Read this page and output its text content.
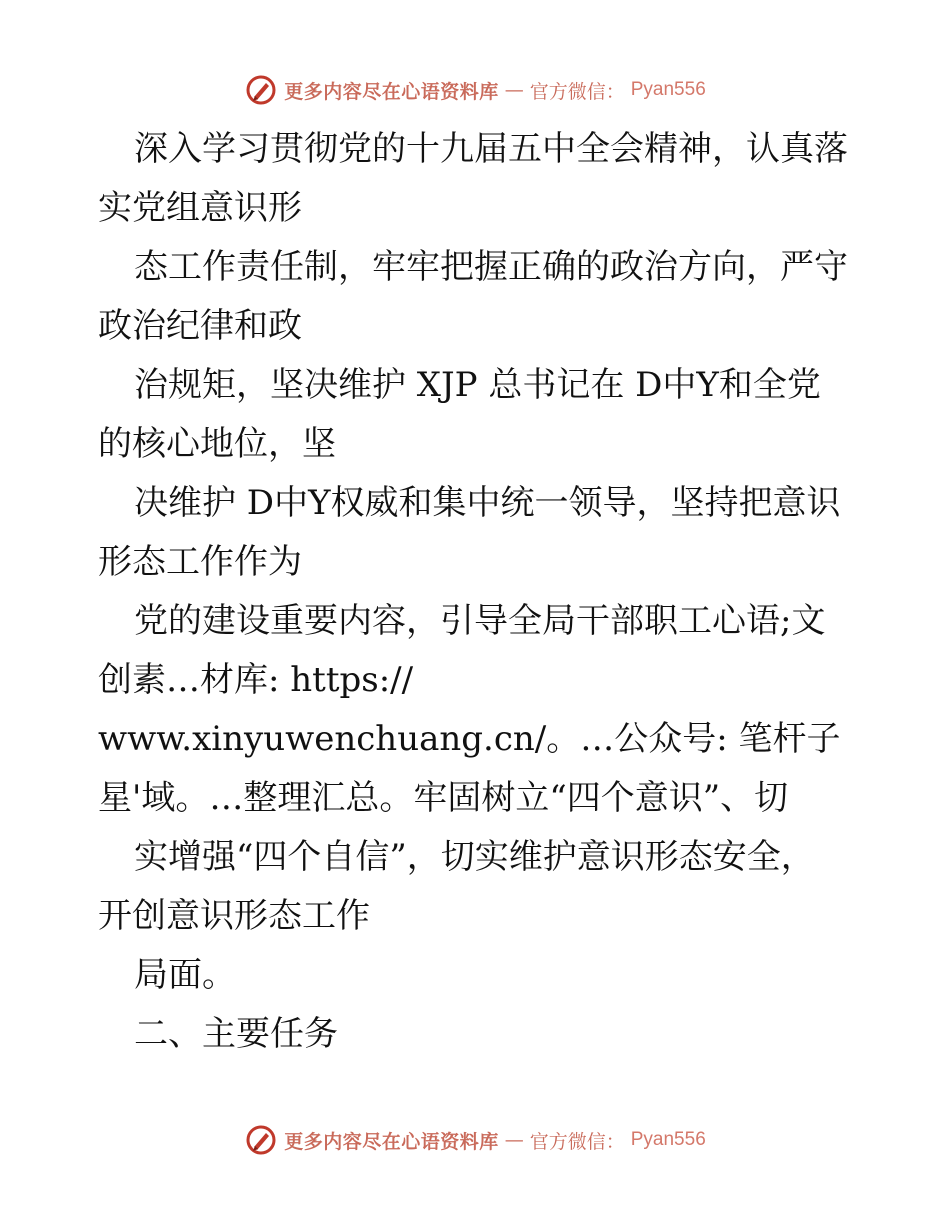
更多内容尽在心语资料库 — 官方微信： Pyan556
深入学习贯彻党的十九届五中全会精神，认真落
实党组意识形
态工作责任制，牢牢把握正确的政治方向，严守
政治纪律和政
治规矩，坚决维护 XJP 总书记在 D中Y和全党
的核心地位，坚
决维护 D中Y权威和集中统一领导，坚持把意识
形态工作作为
党的建设重要内容，引导全局干部职工心语;文
创素…材库: https://
www.xinyuwenchuang.cn/。…公众号: 笔杆子
星'域。…整理汇总。牢固树立“四个意识”、切
实增强“四个自信”，切实维护意识形态安全，
开创意识形态工作
局面。
二、主要任务
更多内容尽在心语资料库 — 官方微信： Pyan556
